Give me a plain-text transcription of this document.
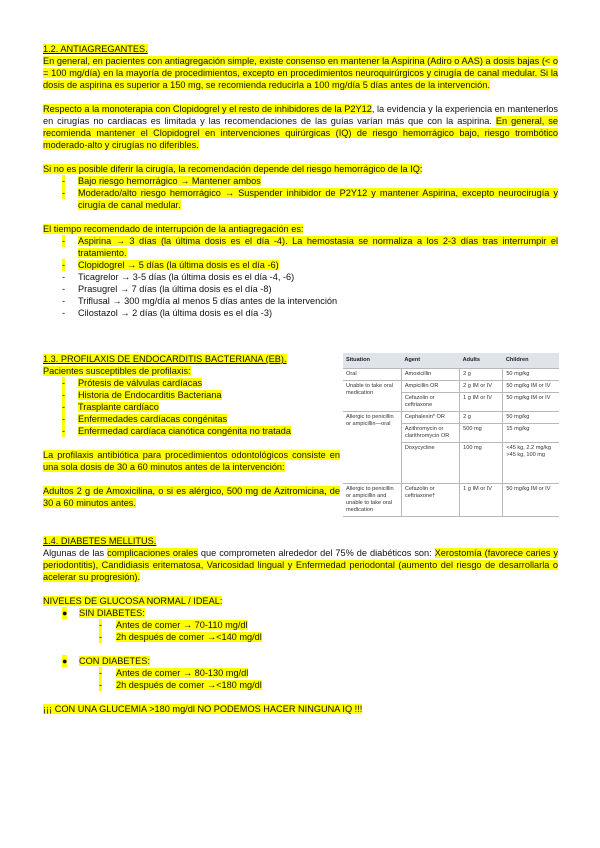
1.2. ANTIAGREGANTES.

En general, en pacientes con antiagregación simple, existe consenso en mantener la Aspirina (Adiro o AAS) a dosis bajas (< o = 100 mg/día) en la mayoría de procedimientos, excepto en procedimientos neuroquirúrgicos y cirugía de canal medular. Si la dosis de aspirina es superior a 150 mg, se recomienda reducirla a 100 mg/día 5 días antes de la intervención.

Respecto a la monoterapia con Clopidogrel y el resto de inhibidores de la P2Y12, la evidencia y la experiencia en mantenerlos en cirugías no cardiacas es limitada y las recomendaciones de las guías varían más que con la aspirina. En general, se recomienda mantener el Clopidogrel en intervenciones quirúrgicas (IQ) de riesgo hemorrágico bajo, riesgo trombótico moderado-alto y cirugías no diferibles.

Si no es posible diferir la cirugía, la recomendación depende del riesgo hemorrágico de la IQ:

- Bajo riesgo hemorrágico → Mantener ambos
- Moderado/alto riesgo hemorrágico → Suspender inhibidor de P2Y12 y mantener Aspirina, excepto neurocirugía y cirugía de canal medular.

El tiempo recomendado de interrupción de la antiagregación es:

- Aspirina → 3 días (la última dosis es el día -4). La hemostasia se normaliza a los 2-3 días tras interrumpir el tratamiento.
- Clopidogrel → 5 días (la última dosis es el día -6)
- Ticagrelor → 3-5 días (la última dosis es el día -4, -6)
- Prasugrel → 7 días (la última dosis es el día -8)
- Triflusal → 300 mg/día al menos 5 días antes de la intervención
- Cilostazol → 2 días (la última dosis es el día -3)
1.3. PROFILAXIS DE ENDOCARDITIS BACTERIANA (EB).
Pacientes susceptibles de profilaxis:
- Prótesis de válvulas cardíacas
- Historia de Endocarditis Bacteriana
- Trasplante cardíaco
- Enfermedades cardíacas congénitas
- Enfermedad cardíaca cianótica congénita no tratada

La profilaxis antibiótica para procedimientos odontológicos consiste en una sola dosis de 30 a 60 minutos antes de la intervención:

Adultos 2 g de Amoxicilina, o si es alérgico, 500 mg de Azitromicina, de 30 a 60 minutos antes.

Situation	Agent	Adults	Children
Oral	Amoxicillin	2 g	50 mg/kg
Unable to take oral medication	Ampicillin OR	2 g IM or IV	50 mg/kg IM or IV
	Cefazolin or ceftriaxone	1 g IM or IV	50 mg/kg IM or IV
Allergic to penicillin or ampicillin—oral	Cephalexin* OR	2 g	50 mg/kg
	Azithromycin or clarithromycin OR	500 mg	15 mg/kg
	Doxycycline	100 mg	<45 kg, 2.2 mg/kg >45 kg, 100 mg
Allergic to penicillin or ampicillin and unable to take oral medication	Cefazolin or ceftriaxone†	1 g IM or IV	50 mg/kg IM or IV
1.4. DIABETES MELLITUS.

Algunas de las complicaciones orales que comprometen alrededor del 75% de diabéticos son: Xerostomía (favorece caries y periodontitis), Candidiasis eritematosa, Varicosidad lingual y Enfermedad periodontal (aumento del riesgo de desarrollarla o acelerar su progresión).

NIVELES DE GLUCOSA NORMAL / IDEAL:
● SIN DIABETES:
- Antes de comer → 70-110 mg/dl
- 2h después de comer →<140 mg/dl
● CON DIABETES:
- Antes de comer → 80-130 mg/dl
- 2h después de comer →<180 mg/dl
¡¡¡ CON UNA GLUCEMIA >180 mg/dl NO PODEMOS HACER NINGUNA IQ !!!
